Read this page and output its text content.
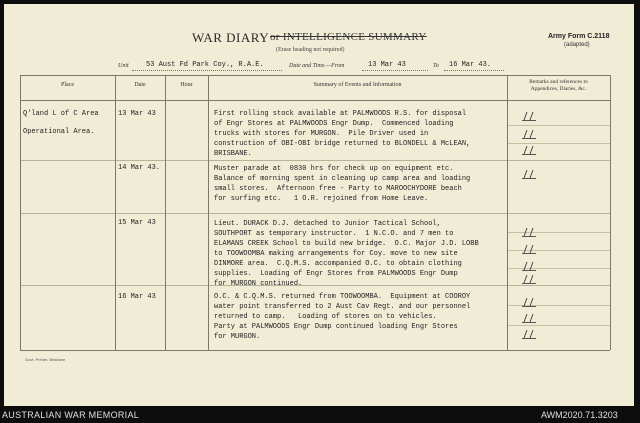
WAR DIARY or INTELLIGENCE SUMMARY
(Erase heading not required)
Army Form C.2118
(adapted)
Unit 53 Aust Fd Park Coy., R.A.E.	Date and Time.—From	13 Mar 43	To 16 Mar 43.
Place	Date	Hour	Summary of Events and Information	Remarks and references to
Appendices, Diaries, &c.
Q'land L of C Area
Operational Area.
13 Mar 43	First rolling stock available at PALMWOODS R.S. for disposal
of Engr Stores at PALMWOODS Engr Dump.  Commenced loading
trucks with stores for MURGON.  Pile Driver used in
construction of OBI-OBI bridge returned to BLONDELL & McLEAN,
BRISBANE.
14 Mar 43.	Muster parade at  0830 hrs for check up on equipment etc.
Balance of morning spent in cleaning up camp area and loading
small stores.  Afternoon free - Party to MAROOCHYDORE beach
for surfing etc.   1 O.R. rejoined from Home Leave.
15 Mar 43	Lieut. DURACK D.J. detached to Junior Tactical School,
SOUTHPORT as temporary instructor.  1 N.C.O. and 7 men to
ELAMANS CREEK School to build new bridge.  O.C. Major J.D. LOBB
to TOOWOOMBA making arrangements for Coy. move to new site
DINMORE area.  C.Q.M.S. accompanied O.C. to obtain clothing
supplies.  Loading of Engr Stores from PALMWOODS Engr Dump
for MURGON continued.
16 Mar 43	O.C. & C.Q.M.S. returned from TOOWOOMBA.  Equipment at COOROY
water point transferred to 2 Aust Cav Regt. and our personnel
returned to camp.   Loading of stores on to vehicles.
Party at PALMWOODS Engr Dump continued loading Engr Stores
for MURGON.
Govt. Printer, Brisbane
AUSTRALIAN WAR MEMORIAL	AWM2020.71.3203
